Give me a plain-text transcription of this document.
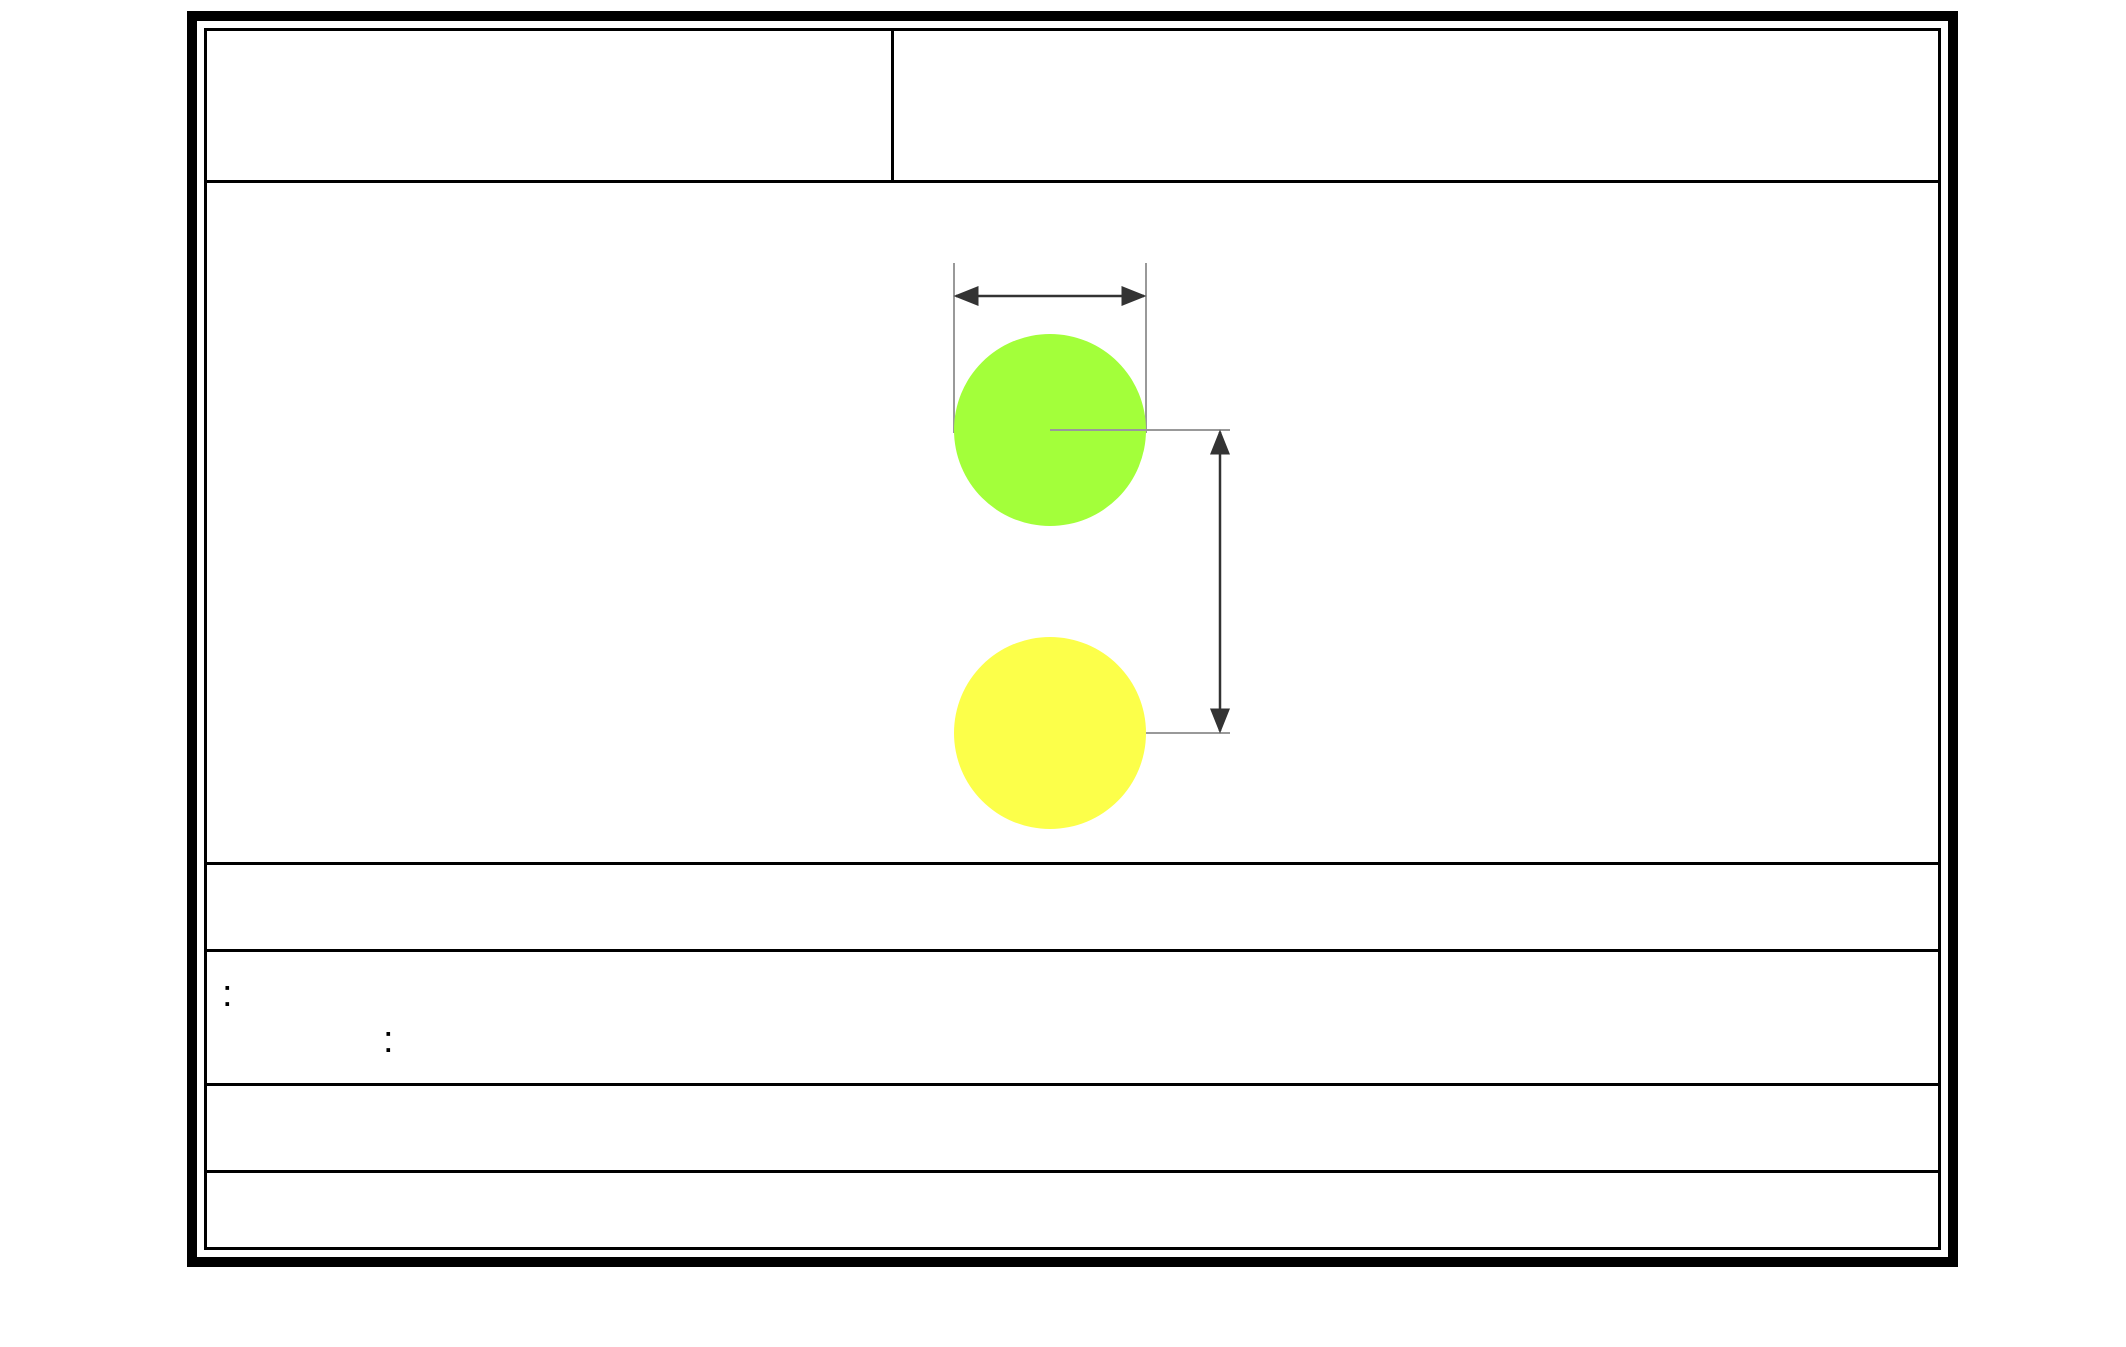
:
:
